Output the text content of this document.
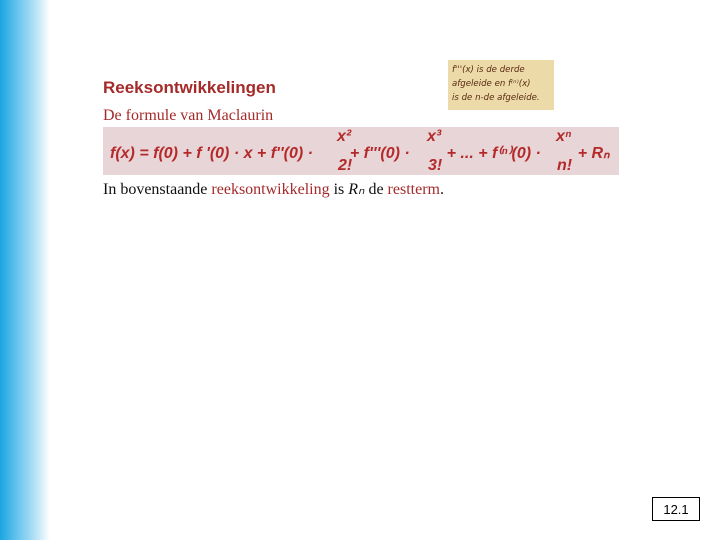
Reeksontwikkelingen
De formule van Maclaurin
f'''(x) is de derde
afgeleide en f⁽ⁿ⁾(x)
is de n-de afgeleide.
f(x) = f(0) + f '(0) · x + f''(0) ·  + f'''(0) ·  + ... + f⁽ⁿ⁾(0) ·  + Rₙ
x²
2!
x³
3!
xⁿ
n!
In bovenstaande reeksontwikkeling is Rₙ de restterm.
12.1
